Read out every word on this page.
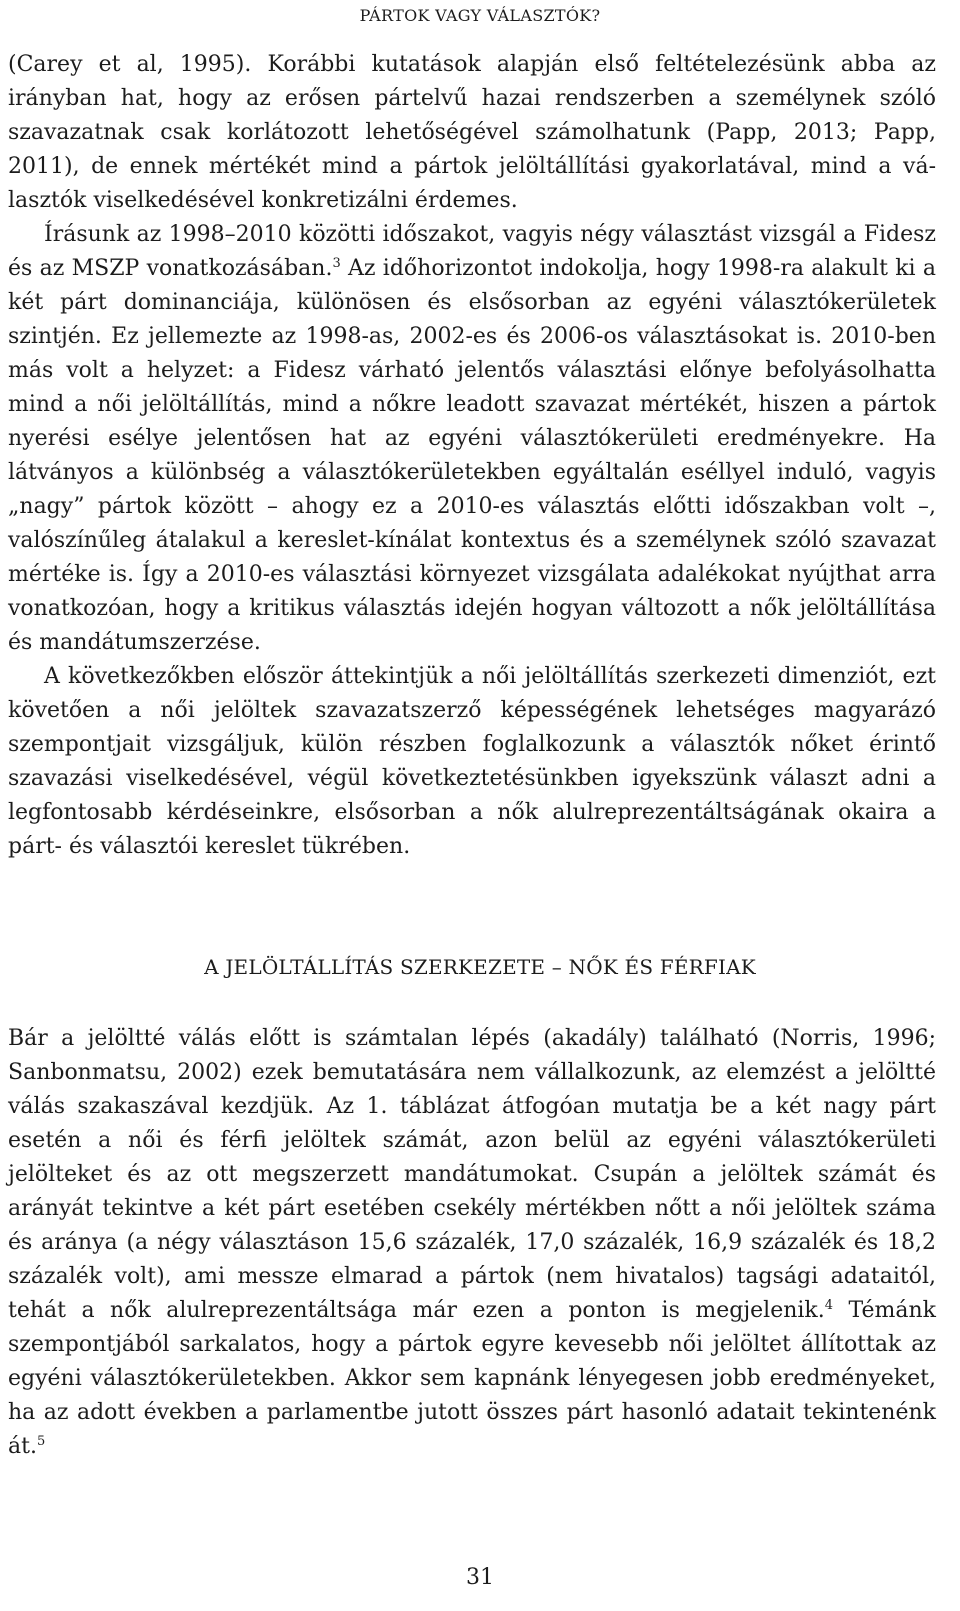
PÁRTOK VAGY VÁLASZTÓK?

(Carey et al, 1995). Korábbi kutatások alapján első feltételezésünk abba az irányban hat, hogy az erősen pártelvű hazai rendszerben a személynek szóló szavazatnak csak korlátozott lehetőségével számolhatunk (Papp, 2013; Papp, 2011), de ennek mértékét mind a pártok jelöltállítási gyakorlatával, mind a választók viselkedésével konkretizálni érdemes.

Írásunk az 1998–2010 közötti időszakot, vagyis négy választást vizsgál a Fidesz és az MSZP vonatkozásában.$^3$ Az időhorizontot indokolja, hogy 1998-ra alakult ki a két párt dominanciája, különösen és elsősorban az egyéni választókerületek szintjén. Ez jellemezte az 1998-as, 2002-es és 2006-os választásokat is. 2010-ben más volt a helyzet: a Fidesz várható jelentős választási előnye befolyásolhatta mind a női jelöltállítás, mind a nőkre leadott szavazat mértékét, hiszen a pártok nyerési esélye jelentősen hat az egyéni választókerületi eredményekre. Ha látványos a különbség a választókerületekben egyáltalán eséllyel induló, vagyis „nagy” pártok között – ahogy ez a 2010-es választás előtti időszakban volt –, valószínűleg átalakul a kereslet-kínálat kontextus és a személynek szóló szavazat mértéke is. Így a 2010-es választási környezet vizsgálata adalékokat nyújthat arra vonatkozóan, hogy a kritikus választás idején hogyan változott a nők jelöltállítása és mandátumszerzése.

A következőkben először áttekintjük a női jelöltállítás szerkezeti dimenziót, ezt követően a női jelöltek szavazatszerző képességének lehetséges magyarázó szempontjait vizsgáljuk, külön részben foglalkozunk a választók nőket érintő szavazási viselkedésével, végül következtetésünkben igyekszünk választ adni a legfontosabb kérdéseinkre, elsősorban a nők alulreprezentáltságának okaira a párt- és választói kereslet tükrében.

A JELÖLTÁLLÍTÁS SZERKEZETE – NŐK ÉS FÉRFIAK

Bár a jelöltté válás előtt is számtalan lépés (akadály) található (Norris, 1996; Sanbonmatsu, 2002) ezek bemutatására nem vállalkozunk, az elemzést a jelöltté válás szakaszával kezdjük. Az 1. táblázat átfogóan mutatja be a két nagy párt esetén a női és férfi jelöltek számát, azon belül az egyéni választókerületi jelölteket és az ott megszerzett mandátumokat. Csupán a jelöltek számát és arányát tekintve a két párt esetében csekély mértékben nőtt a női jelöltek száma és aránya (a négy választáson 15,6 százalék, 17,0 százalék, 16,9 százalék és 18,2 százalék volt), ami messze elmarad a pártok (nem hivatalos) tagsági adataitól, tehát a nők alulreprezentáltsága már ezen a ponton is megjelenik.$^4$ Témánk szempontjából sarkalatos, hogy a pártok egyre kevesebb női jelöltet állítottak az egyéni választókerületekben. Akkor sem kapnánk lényegesen jobb eredményeket, ha az adott években a parlamentbe jutott összes párt hasonló adatait tekintenénk át.$^5$

31
